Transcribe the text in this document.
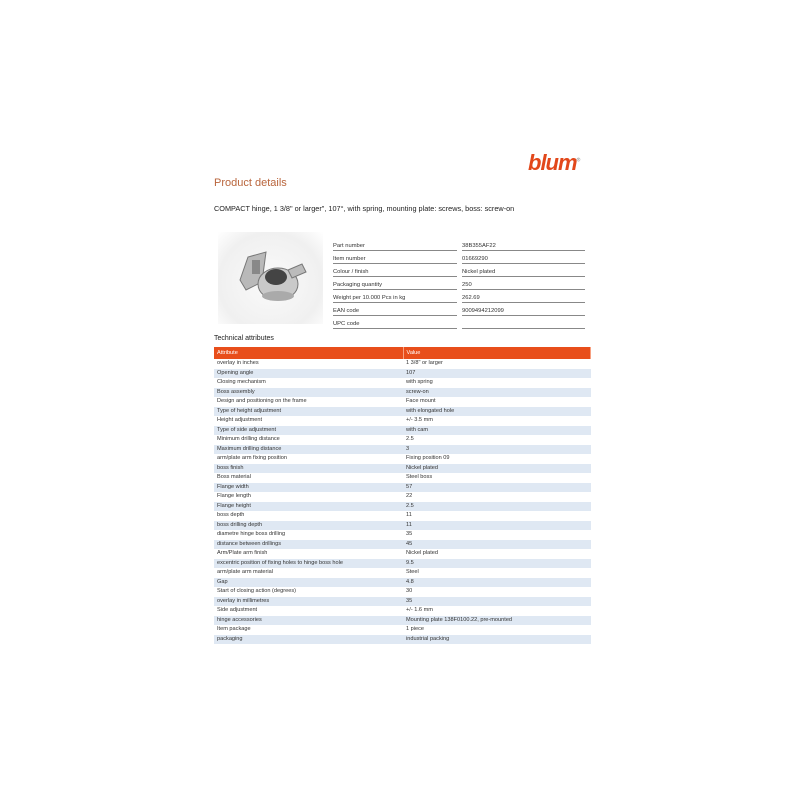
blum®
Product details
COMPACT hinge, 1 3/8" or larger", 107°, with spring, mounting plate: screws, boss: screw-on
Part number	38B355AF22
Item number	01669290
Colour / finish	Nickel plated
Packaging quantity	250
Weight per 10.000 Pcs in kg	262.69
EAN code	9009494212099
UPC code
Technical attributes
Attribute	Value
overlay in inches	1 3/8" or larger
Opening angle	107
Closing mechanism	with spring
Boss assembly	screw-on
Design and positioning on the frame	Face mount
Type of height adjustment	with elongated hole
Height adjustment	+/- 3.5 mm
Type of side adjustment	with cam
Minimum drilling distance	2.5
Maximum drilling distance	3
arm/plate arm fixing position	Fixing position 09
boss finish	Nickel plated
Boss material	Steel boss
Flange width	57
Flange length	22
Flange height	2.5
boss depth	11
boss drilling depth	11
diametre hinge boss drilling	35
distance between drillings	45
Arm/Plate arm finish	Nickel plated
excentric position of fixing holes to hinge boss hole	9.5
arm/plate arm material	Steel
Gap	4.8
Start of closing action (degrees)	30
overlay in millimetres	35
Side adjustment	+/- 1.6 mm
hinge accessories	Mounting plate 138F0100.22, pre-mounted
Item package	1 piece
packaging	industrial packing
